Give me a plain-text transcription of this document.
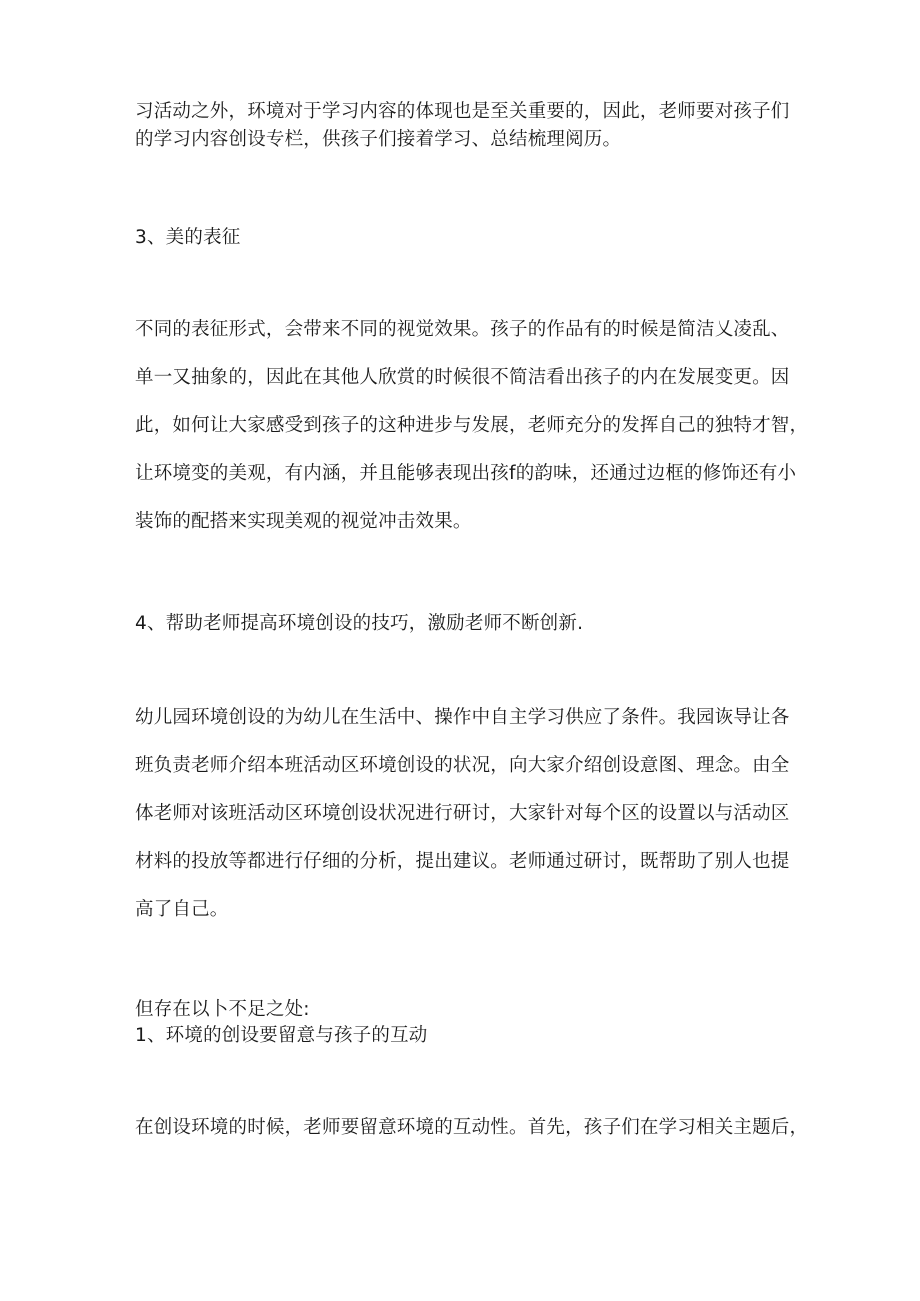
习活动之外，环境对于学习内容的体现也是至关重要的，因此，老师要对孩子们
的学习内容创设专栏，供孩子们接着学习、总结梳理阅历。
3、美的表征
不同的表征形式，会带来不同的视觉效果。孩子的作品有的时候是简洁乂凌乱、
单一又抽象的，因此在其他人欣赏的时候很不简洁看出孩子的内在发展变更。因
此，如何让大家感受到孩子的这种进步与发展，老师充分的发挥自己的独特才智，
让环境变的美观，有内涵，并且能够表现出孩f的韵味，还通过边框的修饰还有小
装饰的配搭来实现美观的视觉冲击效果。
4、帮助老师提高环境创设的技巧，激励老师不断创新.
幼儿园环境创设的为幼儿在生活中、操作中自主学习供应了条件。我园诙导让各
班负责老师介绍本班活动区环境创设的状况，向大家介绍创设意图、理念。由全
体老师对该班活动区环境创设状况进行研讨，大家针对每个区的设置以与活动区
材料的投放等都进行仔细的分析，提出建议。老师通过研讨，既帮助了别人也提
高了自己。
但存在以卜不足之处:
1、环境的创设要留意与孩子的互动
在创设环境的时候，老师要留意环境的互动性。首先，孩子们在学习相关主题后，
